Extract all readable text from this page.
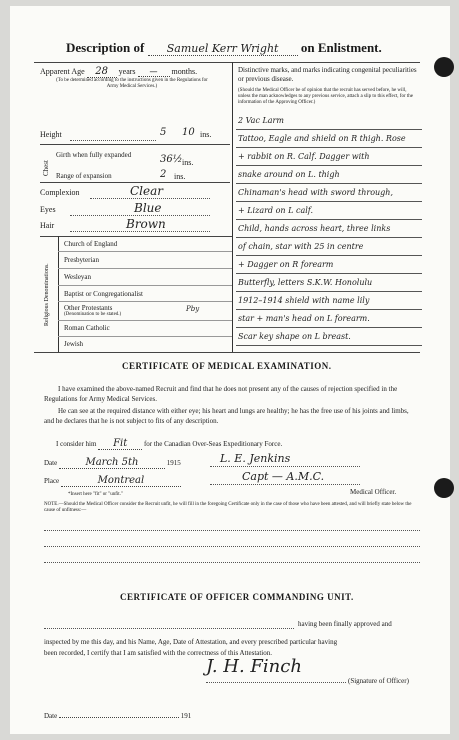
Description of Samuel Kerr Wright on Enlistment.
Apparent Age 28 years — months.
(To be determined according to the instructions given in the Regulations for Army Medical Services.)
Height	5 10 ins.
Chest
Girth when fully expanded	36½ ins.
Range of expansion	2 ins.
Complexion	Clear
Eyes	Blue
Hair	Brown
Religious Denominations.
Church of England
Presbyterian
Wesleyan
Baptist or Congregationalist
Other Protestants
(Denomination to be stated.)
Pby
Roman Catholic
Jewish
Distinctive marks, and marks indicating congenital peculiarities or previous disease.
(Should the Medical Officer be of opinion that the recruit has served before, he will, unless the man acknowledges to any previous service, attach a slip to this effect, for the information of the Approving Officer.)
2 Vac Larm
Tattoo, Eagle and shield on R thigh. Rose
+ rabbit on R. Calf. Dagger with
snake around on L. thigh
Chinaman's head with sword through,
+ Lizard on L calf.
Child, hands across heart, three links
of chain, star with 25 in centre
+ Dagger on R forearm
Butterfly, letters S.K.W. Honolulu
1912–1914 shield with name lily
star + man's head on L forearm.
Scar key shape on L breast.
CERTIFICATE OF MEDICAL EXAMINATION.
I have examined the above-named Recruit and find that he does not present any of the causes of rejection specified in the Regulations for Army Medical Services.
He can see at the required distance with either eye; his heart and lungs are healthy; he has the free use of his joints and limbs, and he declares that he is not subject to fits of any description.
I consider him Fit for the Canadian Over-Seas Expeditionary Force.
Date	March 5th	1915	L. E. Jenkins
Place	Montreal	Capt — A.M.C.
Medical Officer.
*Insert here "fit" or "unfit."
NOTE.—Should the Medical Officer consider the Recruit unfit, he will fill in the foregoing Certificate only in the case of those who have been attested, and will briefly state below the cause of unfitness:—
CERTIFICATE OF OFFICER COMMANDING UNIT.
having been finally approved and
inspected by me this day, and his Name, Age, Date of Attestation, and every prescribed particular having
been recorded, I certify that I am satisfied with the correctness of this Attestation.
J. H. Finch
(Signature of Officer)
Date	191
